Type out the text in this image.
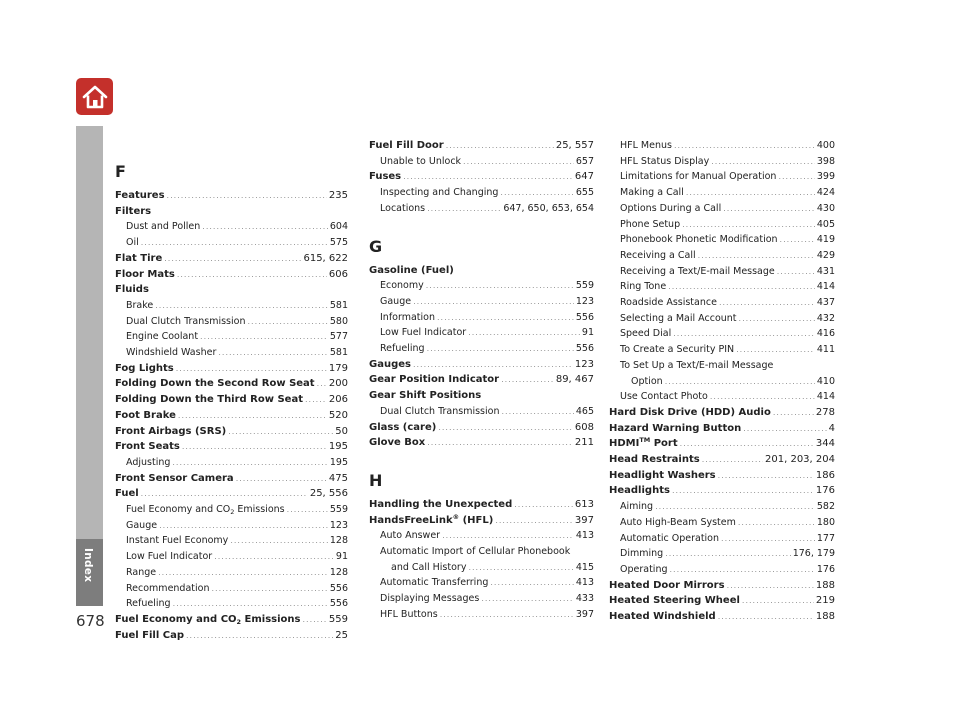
Index
678
F
Features .....	235
Filters
Dust and Pollen .....	604
Oil .....	575
Flat Tire .....	615, 622
Floor Mats .....	606
Fluids
Brake .....	581
Dual Clutch Transmission .....	580
Engine Coolant .....	577
Windshield Washer .....	581
Fog Lights .....	179
Folding Down the Second Row Seat ..... 200
Folding Down the Third Row Seat .....	206
Foot Brake .....	520
Front Airbags (SRS) .....	50
Front Seats .....	195
Adjusting .....	195
Front Sensor Camera .....	475
Fuel .....	25, 556
Fuel Economy and $CO_2$ Emissions .....	559
Gauge .....	123
Instant Fuel Economy .....	128
Low Fuel Indicator .....	91
Range .....	128
Recommendation .....	556
Refueling .....	556
Fuel Economy and $CO_2$ Emissions .....	559
Fuel Fill Cap .....	25
Fuel Fill Door .....	25, 557
Unable to Unlock .....	657
Fuses .....	647
Inspecting and Changing .....	655
Locations .....	647, 650, 653, 654
G
Gasoline (Fuel)
Economy .....	559
Gauge .....	123
Information .....	556
Low Fuel Indicator .....	91
Refueling .....	556
Gauges .....	123
Gear Position Indicator .....	89, 467
Gear Shift Positions
Dual Clutch Transmission .....	465
Glass (care) .....	608
Glove Box .....	211
H
Handling the Unexpected .....	613
HandsFreeLink® (HFL) .....	397
Auto Answer .....	413
Automatic Import of Cellular Phonebook
and Call History .....	415
Automatic Transferring .....	413
Displaying Messages .....	433
HFL Buttons .....	397
HFL Menus .....	400
HFL Status Display .....	398
Limitations for Manual Operation .....	399
Making a Call .....	424
Options During a Call .....	430
Phone Setup .....	405
Phonebook Phonetic Modification .....	419
Receiving a Call .....	429
Receiving a Text/E-mail Message .....	431
Ring Tone .....	414
Roadside Assistance .....	437
Selecting a Mail Account .....	432
Speed Dial .....	416
To Create a Security PIN .....	411
To Set Up a Text/E-mail Message
Option .....	410
Use Contact Photo .....	414
Hard Disk Drive (HDD) Audio .....	278
Hazard Warning Button .....	4
HDMI™ Port .....	344
Head Restraints .....	201, 203, 204
Headlight Washers .....	186
Headlights .....	176
Aiming .....	582
Auto High-Beam System .....	180
Automatic Operation .....	177
Dimming .....	176, 179
Operating .....	176
Heated Door Mirrors .....	188
Heated Steering Wheel .....	219
Heated Windshield .....	188
